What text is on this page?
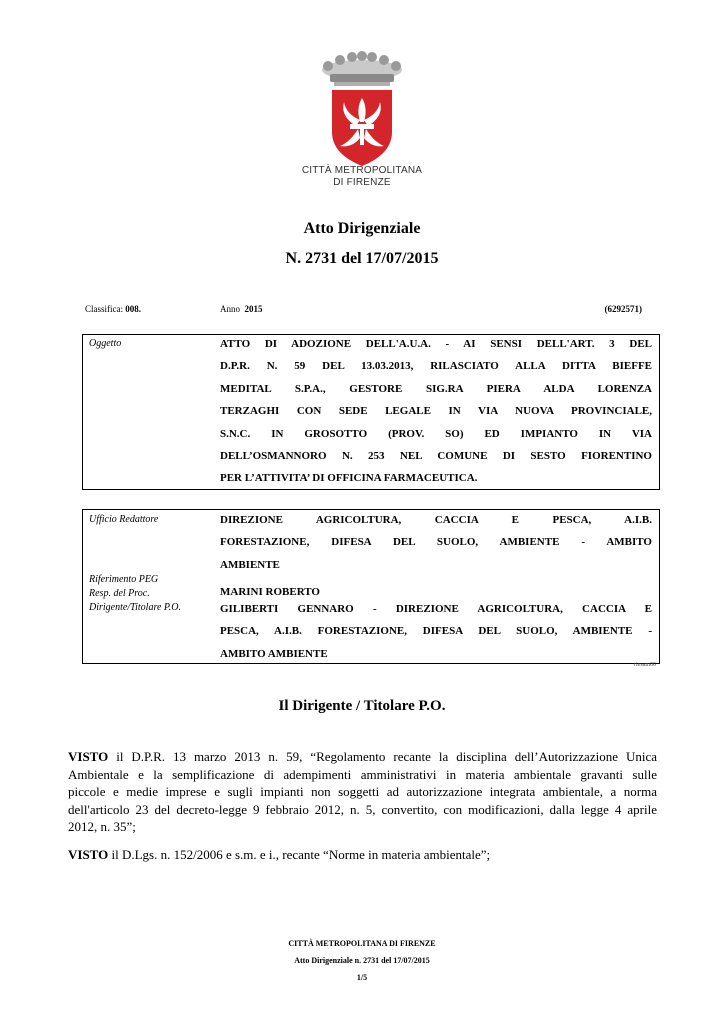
CITTÀ METROPOLITANA
DI FIRENZE
Atto Dirigenziale
N. 2731 del 17/07/2015
Classifica: 008.	Anno 2015	(6292571)
Oggetto	ATTO DI ADOZIONE DELL'A.U.A. - AI SENSI DELL'ART. 3 DEL
D.P.R. N. 59 DEL 13.03.2013, RILASCIATO ALLA DITTA BIEFFE
MEDITAL S.P.A., GESTORE SIG.RA PIERA ALDA LORENZA
TERZAGHI CON SEDE LEGALE IN VIA NUOVA PROVINCIALE,
S.N.C. IN GROSOTTO (PROV. SO) ED IMPIANTO IN VIA
DELL’OSMANNORO N. 253 NEL COMUNE DI SESTO FIORENTINO
PER L’ATTIVITA’ DI OFFICINA FARMACEUTICA.
Ufficio Redattore	DIREZIONE AGRICOLTURA, CACCIA E PESCA, A.I.B.
FORESTAZIONE, DIFESA DEL SUOLO, AMBIENTE - AMBITO
AMBIENTE
Riferimento PEG
Resp. del Proc.	MARINI ROBERTO
Dirigente/Titolare P.O.	GILIBERTI GENNARO - DIREZIONE AGRICOLTURA, CACCIA E
PESCA, A.I.B. FORESTAZIONE, DIFESA DEL SUOLO, AMBIENTE -
AMBITO AMBIENTE
riesam00
Il Dirigente / Titolare P.O.
VISTO il D.P.R. 13 marzo 2013 n. 59, “Regolamento recante la disciplina dell’Autorizzazione Unica
Ambientale e la semplificazione di adempimenti amministrativi in materia ambientale gravanti sulle
piccole e medie imprese e sugli impianti non soggetti ad autorizzazione integrata ambientale, a norma
dell'articolo 23 del decreto-legge 9 febbraio 2012, n. 5, convertito, con modificazioni, dalla legge 4 aprile
2012, n. 35”;
VISTO il D.Lgs. n. 152/2006 e s.m. e i., recante “Norme in materia ambientale”;
CITTÀ METROPOLITANA DI FIRENZE
Atto Dirigenziale n. 2731 del 17/07/2015
1/5
